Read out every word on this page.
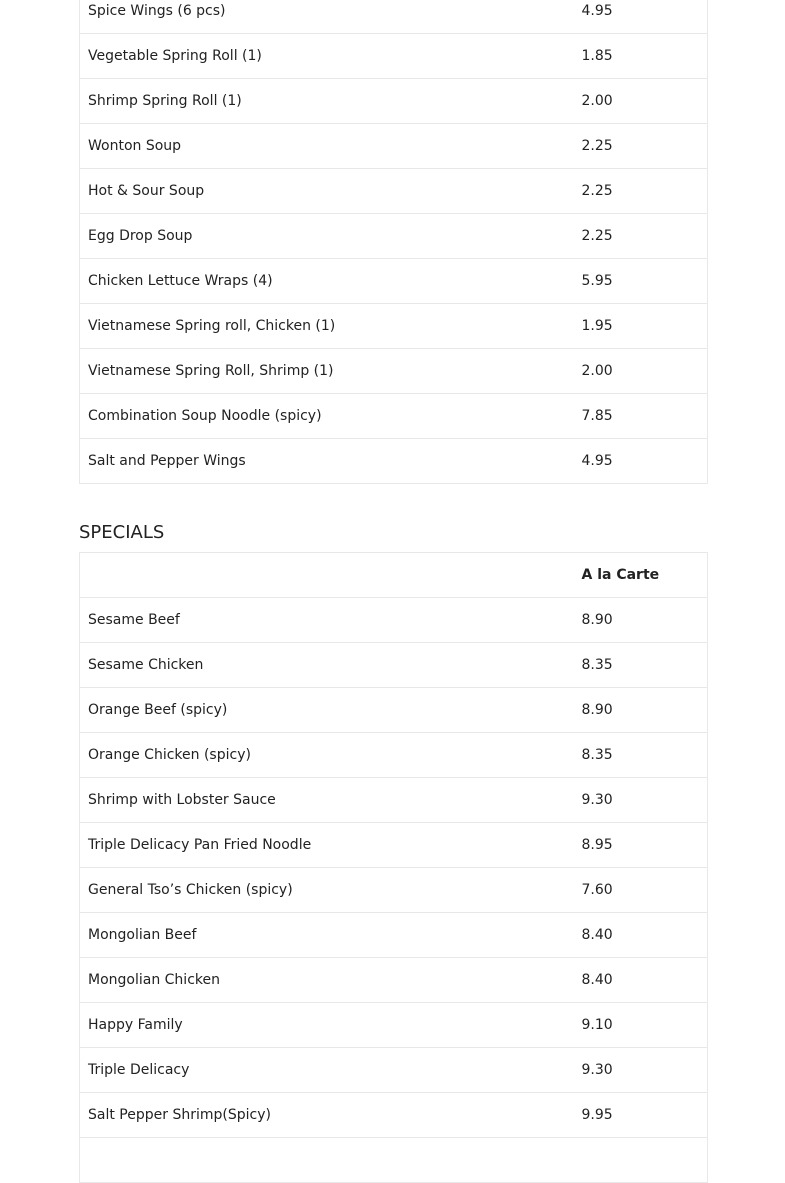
Spice Wings (6 pcs)	4.95
Vegetable Spring Roll (1)	1.85
Shrimp Spring Roll (1)	2.00
Wonton Soup	2.25
Hot & Sour Soup	2.25
Egg Drop Soup	2.25
Chicken Lettuce Wraps (4)	5.95
Vietnamese Spring roll, Chicken (1)	1.95
Vietnamese Spring Roll, Shrimp (1)	2.00
Combination Soup Noodle (spicy)	7.85
Salt and Pepper Wings	4.95
SPECIALS
	A la Carte
Sesame Beef	8.90
Sesame Chicken	8.35
Orange Beef (spicy)	8.90
Orange Chicken (spicy)	8.35
Shrimp with Lobster Sauce	9.30
Triple Delicacy Pan Fried Noodle	8.95
General Tso’s Chicken (spicy)	7.60
Mongolian Beef	8.40
Mongolian Chicken	8.40
Happy Family	9.10
Triple Delicacy	9.30
Salt Pepper Shrimp(Spicy)	9.95
